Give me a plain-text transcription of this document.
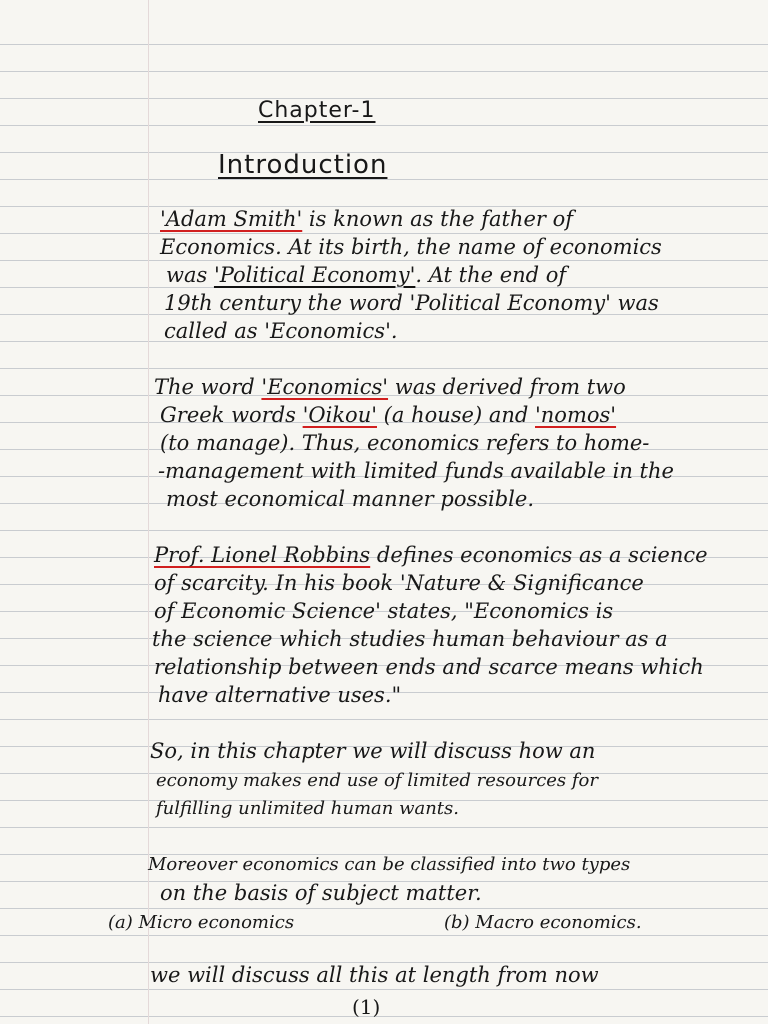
Chapter-1
Introduction
'Adam Smith' is known as the father of
Economics. At its birth, the name of economics
was 'Political Economy'. At the end of
19th century the word 'Political Economy' was
called as 'Economics'.
The word 'Economics' was derived from two
Greek words 'Oikou' (a house) and 'nomos'
(to manage). Thus, economics refers to home-
-management with limited funds available in the
most economical manner possible.
Prof. Lionel Robbins defines economics as a science
of scarcity. In his book 'Nature & Significance
of Economic Science' states, "Economics is
the science which studies human behaviour as a
relationship between ends and scarce means which
have alternative uses."
So, in this chapter we will discuss how an
economy makes end use of limited resources for
fulfilling unlimited human wants.
Moreover economics can be classified into two types
on the basis of subject matter.
(a) Micro economics	(b) Macro economics.
we will discuss all this at length from now
(1)
